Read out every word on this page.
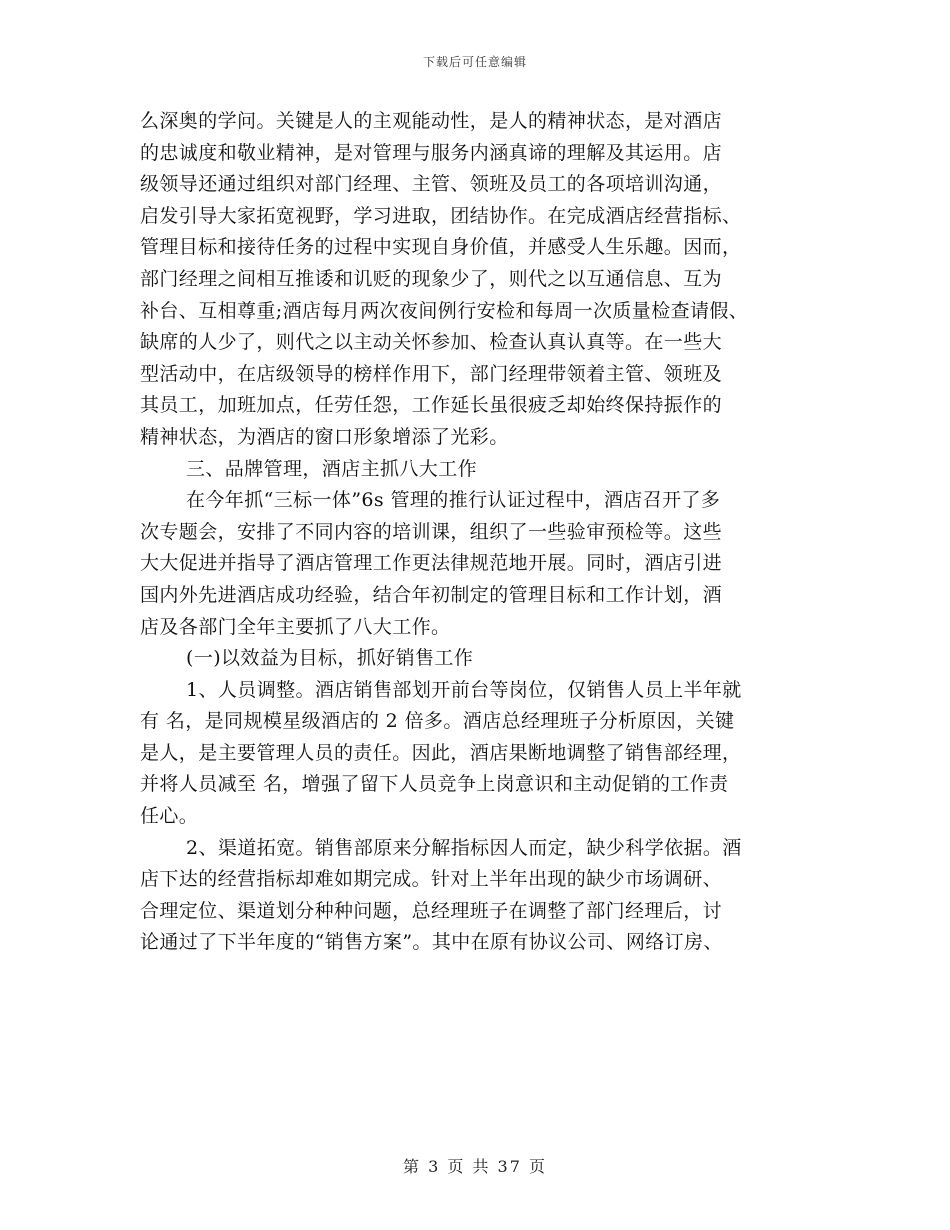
下载后可任意编辑
么深奥的学问。关键是人的主观能动性，是人的精神状态，是对酒店
的忠诚度和敬业精神，是对管理与服务内涵真谛的理解及其运用。店
级领导还通过组织对部门经理、主管、领班及员工的各项培训沟通，
启发引导大家拓宽视野，学习进取，团结协作。在完成酒店经营指标、
管理目标和接待任务的过程中实现自身价值，并感受人生乐趣。因而，
部门经理之间相互推诿和讥贬的现象少了，则代之以互通信息、互为
补台、互相尊重;酒店每月两次夜间例行安检和每周一次质量检查请假、
缺席的人少了，则代之以主动关怀参加、检查认真认真等。在一些大
型活动中，在店级领导的榜样作用下，部门经理带领着主管、领班及
其员工，加班加点，任劳任怨，工作延长虽很疲乏却始终保持振作的
精神状态，为酒店的窗口形象增添了光彩。
三、品牌管理，酒店主抓八大工作
在今年抓“三标一体”6s 管理的推行认证过程中，酒店召开了多
次专题会，安排了不同内容的培训课，组织了一些验审预检等。这些
大大促进并指导了酒店管理工作更法律规范地开展。同时，酒店引进
国内外先进酒店成功经验，结合年初制定的管理目标和工作计划，酒
店及各部门全年主要抓了八大工作。
(一)以效益为目标，抓好销售工作
1、人员调整。酒店销售部划开前台等岗位，仅销售人员上半年就
有 名，是同规模星级酒店的 2 倍多。酒店总经理班子分析原因，关键
是人，是主要管理人员的责任。因此，酒店果断地调整了销售部经理，
并将人员减至 名，增强了留下人员竞争上岗意识和主动促销的工作责
任心。
2、渠道拓宽。销售部原来分解指标因人而定，缺少科学依据。酒
店下达的经营指标却难如期完成。针对上半年出现的缺少市场调研、
合理定位、渠道划分种种问题，总经理班子在调整了部门经理后，讨
论通过了下半年度的“销售方案”。其中在原有协议公司、网络订房、
第 3 页 共 37 页
